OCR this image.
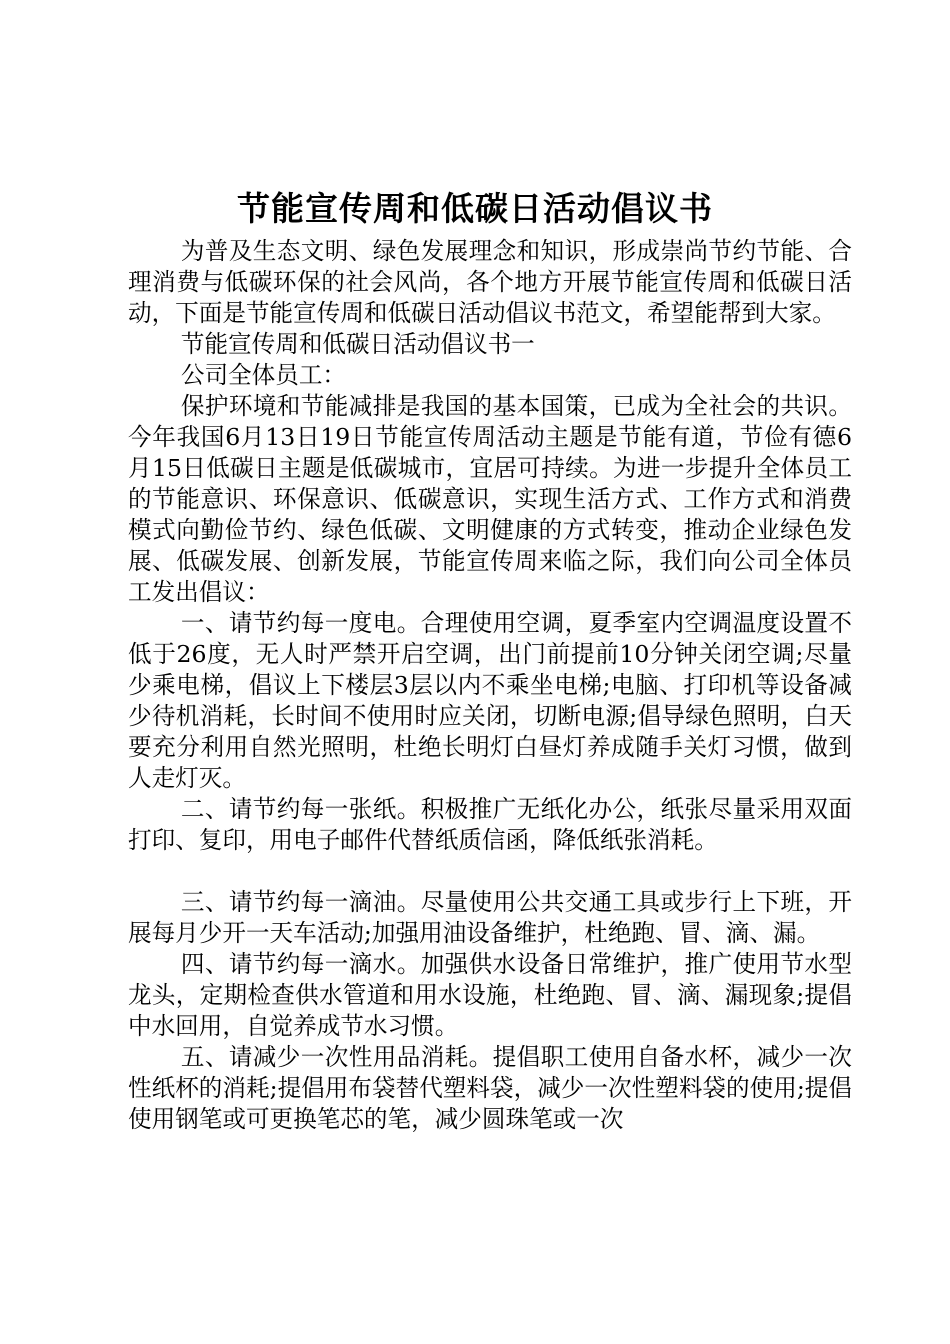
节能宣传周和低碳日活动倡议书

为普及生态文明、绿色发展理念和知识，形成崇尚节约节能、合理消费与低碳环保的社会风尚，各个地方开展节能宣传周和低碳日活动，下面是节能宣传周和低碳日活动倡议书范文，希望能帮到大家。

节能宣传周和低碳日活动倡议书一

公司全体员工：

保护环境和节能减排是我国的基本国策，已成为全社会的共识。今年我国6月13日19日节能宣传周活动主题是节能有道，节俭有德6月15日低碳日主题是低碳城市，宜居可持续。为进一步提升全体员工的节能意识、环保意识、低碳意识，实现生活方式、工作方式和消费模式向勤俭节约、绿色低碳、文明健康的方式转变，推动企业绿色发展、低碳发展、创新发展，节能宣传周来临之际，我们向公司全体员工发出倡议：

一、请节约每一度电。合理使用空调，夏季室内空调温度设置不低于26度，无人时严禁开启空调，出门前提前10分钟关闭空调;尽量少乘电梯，倡议上下楼层3层以内不乘坐电梯;电脑、打印机等设备减少待机消耗，长时间不使用时应关闭，切断电源;倡导绿色照明，白天要充分利用自然光照明，杜绝长明灯白昼灯养成随手关灯习惯，做到人走灯灭。

二、请节约每一张纸。积极推广无纸化办公，纸张尽量采用双面打印、复印，用电子邮件代替纸质信函，降低纸张消耗。

三、请节约每一滴油。尽量使用公共交通工具或步行上下班，开展每月少开一天车活动;加强用油设备维护，杜绝跑、冒、滴、漏。

四、请节约每一滴水。加强供水设备日常维护，推广使用节水型龙头，定期检查供水管道和用水设施，杜绝跑、冒、滴、漏现象;提倡中水回用，自觉养成节水习惯。

五、请减少一次性用品消耗。提倡职工使用自备水杯，减少一次性纸杯的消耗;提倡用布袋替代塑料袋，减少一次性塑料袋的使用;提倡使用钢笔或可更换笔芯的笔，减少圆珠笔或一次
